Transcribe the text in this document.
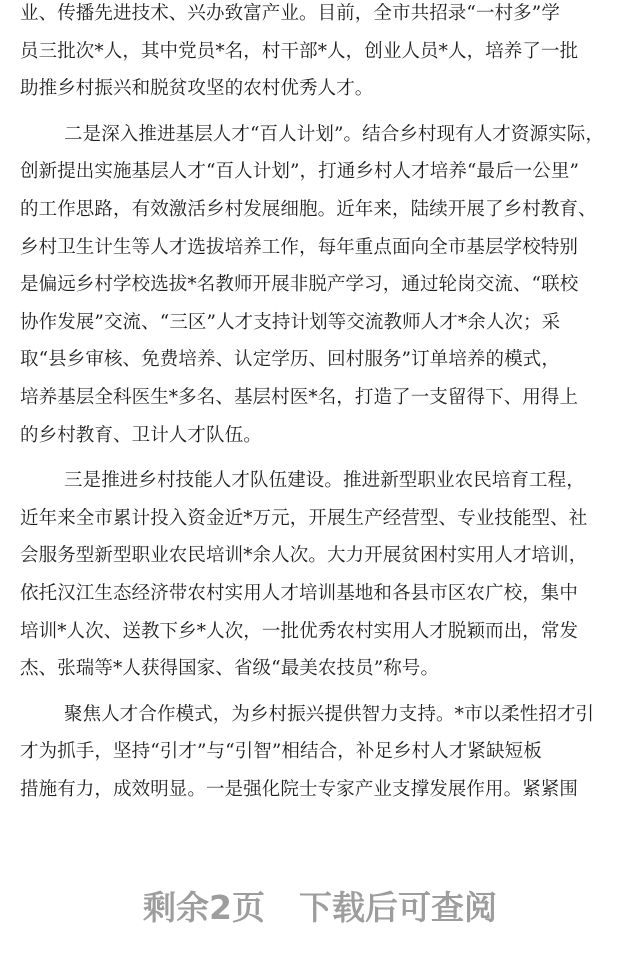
业、传播先进技术、兴办致富产业。目前，全市共招录“一村多”学
员三批次*人，其中党员*名，村干部*人，创业人员*人，培养了一批
助推乡村振兴和脱贫攻坚的农村优秀人才。

二是深入推进基层人才“百人计划”。结合乡村现有人才资源实际，
创新提出实施基层人才“百人计划”，打通乡村人才培养“最后一公里”
的工作思路，有效激活乡村发展细胞。近年来，陆续开展了乡村教育、
乡村卫生计生等人才选拔培养工作，每年重点面向全市基层学校特别
是偏远乡村学校选拔*名教师开展非脱产学习，通过轮岗交流、“联校
协作发展”交流、“三区”人才支持计划等交流教师人才*余人次；采
取“县乡审核、免费培养、认定学历、回村服务”订单培养的模式，
培养基层全科医生*多名、基层村医*名，打造了一支留得下、用得上
的乡村教育、卫计人才队伍。

三是推进乡村技能人才队伍建设。推进新型职业农民培育工程，
近年来全市累计投入资金近*万元，开展生产经营型、专业技能型、社
会服务型新型职业农民培训*余人次。大力开展贫困村实用人才培训，
依托汉江生态经济带农村实用人才培训基地和各县市区农广校，集中
培训*人次、送教下乡*人次，一批优秀农村实用人才脱颖而出，常发
杰、张瑞等*人获得国家、省级“最美农技员”称号。

聚焦人才合作模式，为乡村振兴提供智力支持。*市以柔性招才引
才为抓手，坚持“引才”与“引智”相结合，补足乡村人才紧缺短板
措施有力，成效明显。一是强化院士专家产业支撑发展作用。紧紧围

剩余2页 下载后可查阅
